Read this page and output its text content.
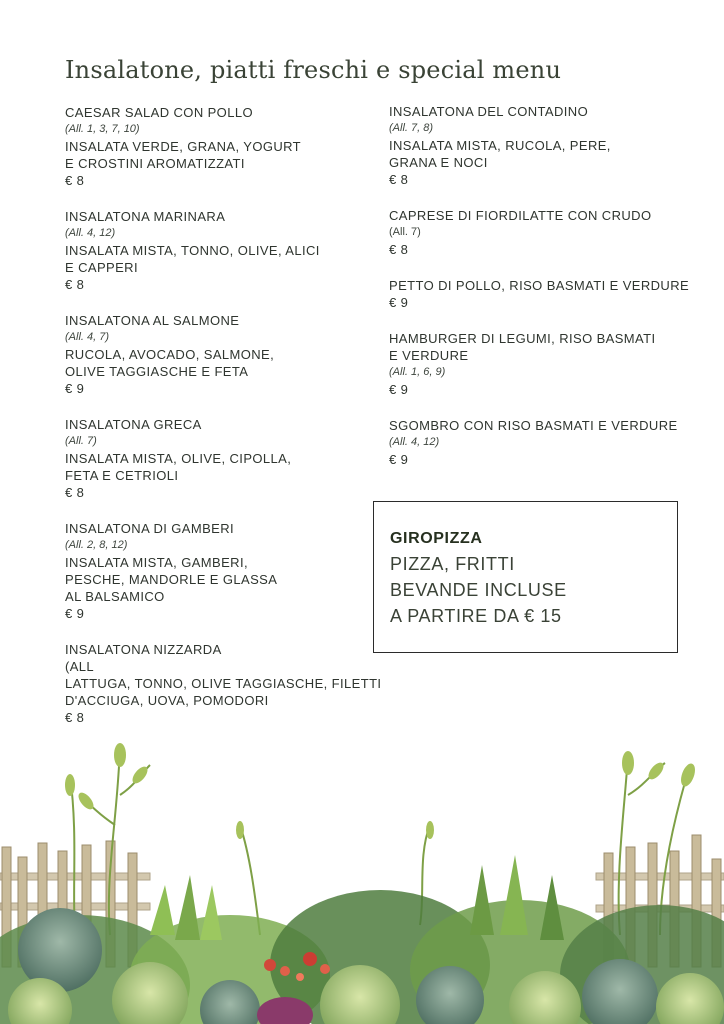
Insalatone, piatti freschi e special menu
CAESAR SALAD CON POLLO
(All. 1, 3, 7, 10)
INSALATA VERDE, GRANA, YOGURT
E CROSTINI AROMATIZZATI
€ 8
INSALATONA MARINARA
(All. 4, 12)
INSALATA MISTA, TONNO, OLIVE, ALICI
E CAPPERI
€ 8
INSALATONA AL SALMONE
(All. 4, 7)
RUCOLA, AVOCADO, SALMONE,
OLIVE TAGGIASCHE E FETA
€ 9
INSALATONA GRECA
(All. 7)
INSALATA MISTA, OLIVE, CIPOLLA,
FETA E CETRIOLI
€ 8
INSALATONA DI GAMBERI
(All. 2, 8, 12)
INSALATA MISTA, GAMBERI,
PESCHE, MANDORLE E GLASSA
AL BALSAMICO
€ 9
INSALATONA NIZZARDA
(ALL
LATTUGA, TONNO, OLIVE TAGGIASCHE, FILETTI
D'ACCIUGA, UOVA, POMODORI
€ 8
INSALATONA DEL CONTADINO
(All. 7, 8)
INSALATA MISTA, RUCOLA, PERE,
GRANA E NOCI
€ 8
CAPRESE DI FIORDILATTE CON CRUDO
(All. 7)
€ 8
PETTO DI POLLO, RISO BASMATI E VERDURE
€ 9
HAMBURGER DI LEGUMI, RISO BASMATI
E VERDURE
(All. 1, 6, 9)
€ 9
SGOMBRO CON RISO BASMATI E VERDURE
(All. 4, 12)
€ 9
GIROPIZZA
PIZZA, FRITTI
BEVANDE INCLUSE
A PARTIRE DA € 15
